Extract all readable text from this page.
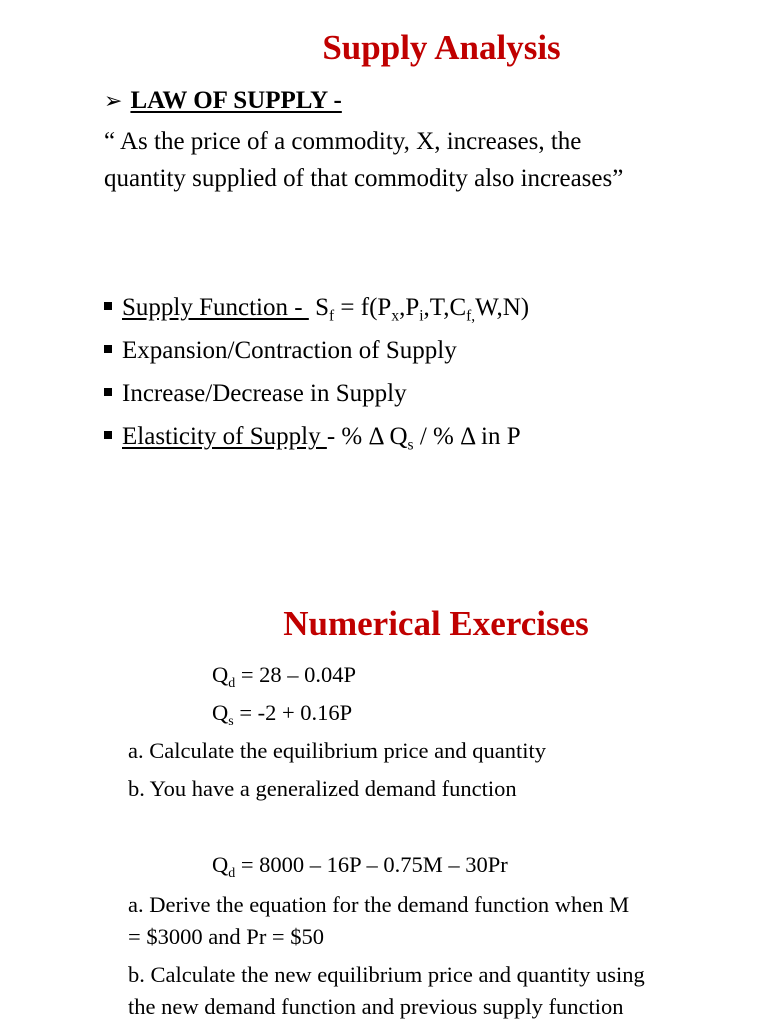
Supply Analysis
➢ LAW OF SUPPLY -
“ As the price of a commodity, X, increases, the
quantity supplied of that commodity also increases”
Supply Function -  $S_f = f(P_x,P_i,T,C_{f,}W,N)$
Expansion/Contraction of Supply
Increase/Decrease in Supply
Elasticity of Supply - % Δ $Q_s$ / % Δ in P
Numerical Exercises
$Q_d = 28 - 0.04P$
$Q_s = -2 + 0.16P$
a. Calculate the equilibrium price and quantity
b. You have a generalized demand function
$Q_d = 8000 - 16P - 0.75M - 30Pr$
a. Derive the equation for the demand function when M
= $3000 and Pr = $50
b. Calculate the new equilibrium price and quantity using
the new demand function and previous supply function
